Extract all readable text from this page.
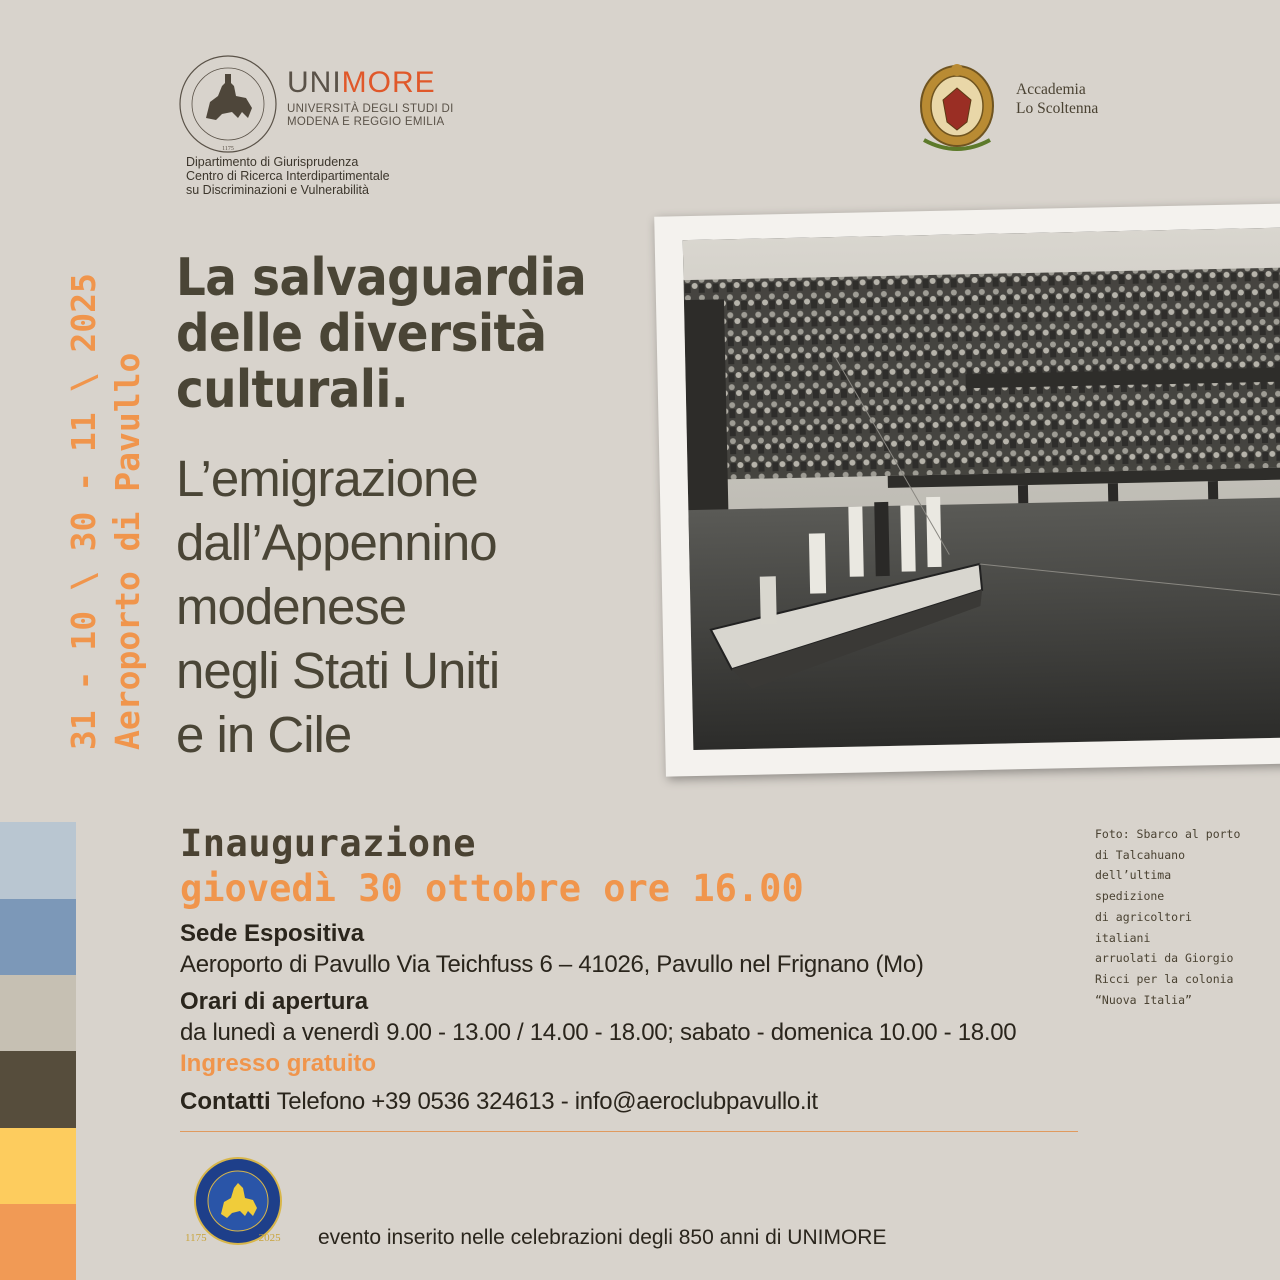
1175
UNIMORE
UNIVERSITÀ DEGLI STUDI DI
MODENA E REGGIO EMILIA
Dipartimento di Giurisprudenza
Centro di Ricerca Interdipartimentale
su Discriminazioni e Vulnerabilità
Accademia
Lo Scoltenna
31 - 10 \ 30 - 11 \ 2025 Aeroporto di Pavullo
La salvaguardia
delle diversità
culturali.
L’emigrazione
dall’Appennino
modenese
negli Stati Uniti
e in Cile
Foto: Sbarco al porto
di Talcahuano
dell’ultima spedizione
di agricoltori italiani
arruolati da Giorgio
Ricci per la colonia
“Nuova Italia”
Inaugurazione
giovedì 30 ottobre ore 16.00
Sede Espositiva
Aeroporto di Pavullo Via Teichfuss 6 – 41026, Pavullo nel Frignano (Mo)
Orari di apertura
da lunedì a venerdì 9.00 - 13.00 / 14.00 - 18.00; sabato - domenica 10.00 - 18.00
Ingresso gratuito
Contatti Telefono +39 0536 324613 - info@aeroclubpavullo.it
1175	2025	evento inserito nelle celebrazioni degli 850 anni di UNIMORE
